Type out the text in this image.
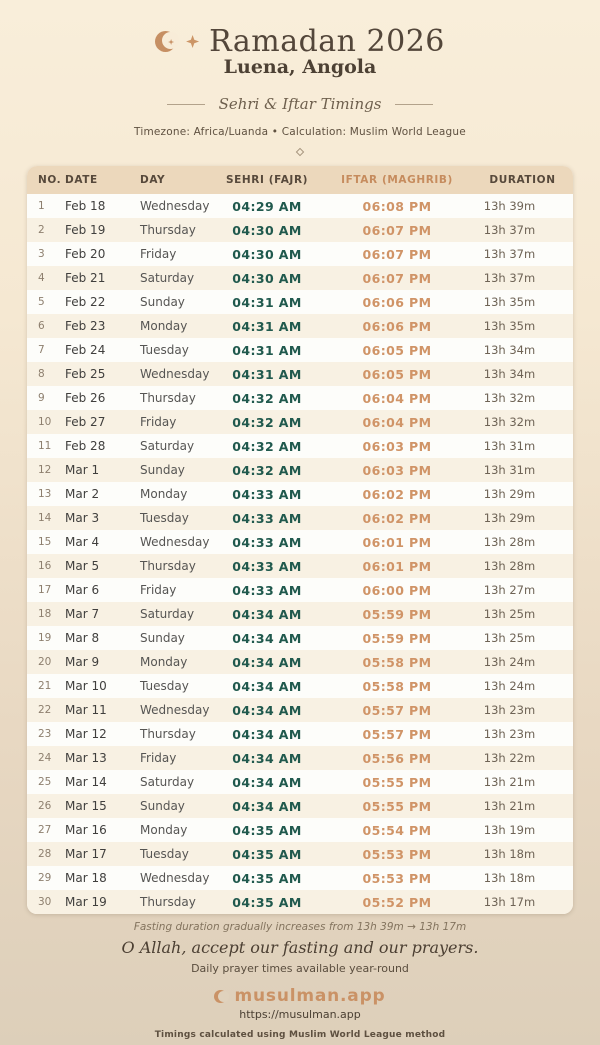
Ramadan 2026
Luena, Angola
Sehri & Iftar Timings
Timezone: Africa/Luanda • Calculation: Muslim World League
NO.	DATE	DAY	SEHRI (FAJR)	IFTAR (MAGHRIB)	DURATION
1	Feb 18	Wednesday	04:29 AM	06:08 PM	13h 39m
2	Feb 19	Thursday	04:30 AM	06:07 PM	13h 37m
3	Feb 20	Friday	04:30 AM	06:07 PM	13h 37m
4	Feb 21	Saturday	04:30 AM	06:07 PM	13h 37m
5	Feb 22	Sunday	04:31 AM	06:06 PM	13h 35m
6	Feb 23	Monday	04:31 AM	06:06 PM	13h 35m
7	Feb 24	Tuesday	04:31 AM	06:05 PM	13h 34m
8	Feb 25	Wednesday	04:31 AM	06:05 PM	13h 34m
9	Feb 26	Thursday	04:32 AM	06:04 PM	13h 32m
10	Feb 27	Friday	04:32 AM	06:04 PM	13h 32m
11	Feb 28	Saturday	04:32 AM	06:03 PM	13h 31m
12	Mar 1	Sunday	04:32 AM	06:03 PM	13h 31m
13	Mar 2	Monday	04:33 AM	06:02 PM	13h 29m
14	Mar 3	Tuesday	04:33 AM	06:02 PM	13h 29m
15	Mar 4	Wednesday	04:33 AM	06:01 PM	13h 28m
16	Mar 5	Thursday	04:33 AM	06:01 PM	13h 28m
17	Mar 6	Friday	04:33 AM	06:00 PM	13h 27m
18	Mar 7	Saturday	04:34 AM	05:59 PM	13h 25m
19	Mar 8	Sunday	04:34 AM	05:59 PM	13h 25m
20	Mar 9	Monday	04:34 AM	05:58 PM	13h 24m
21	Mar 10	Tuesday	04:34 AM	05:58 PM	13h 24m
22	Mar 11	Wednesday	04:34 AM	05:57 PM	13h 23m
23	Mar 12	Thursday	04:34 AM	05:57 PM	13h 23m
24	Mar 13	Friday	04:34 AM	05:56 PM	13h 22m
25	Mar 14	Saturday	04:34 AM	05:55 PM	13h 21m
26	Mar 15	Sunday	04:34 AM	05:55 PM	13h 21m
27	Mar 16	Monday	04:35 AM	05:54 PM	13h 19m
28	Mar 17	Tuesday	04:35 AM	05:53 PM	13h 18m
29	Mar 18	Wednesday	04:35 AM	05:53 PM	13h 18m
30	Mar 19	Thursday	04:35 AM	05:52 PM	13h 17m
Fasting duration gradually increases from 13h 39m → 13h 17m
O Allah, accept our fasting and our prayers.
Daily prayer times available year-round
musulman.app
https://musulman.app
Timings calculated using Muslim World League method
